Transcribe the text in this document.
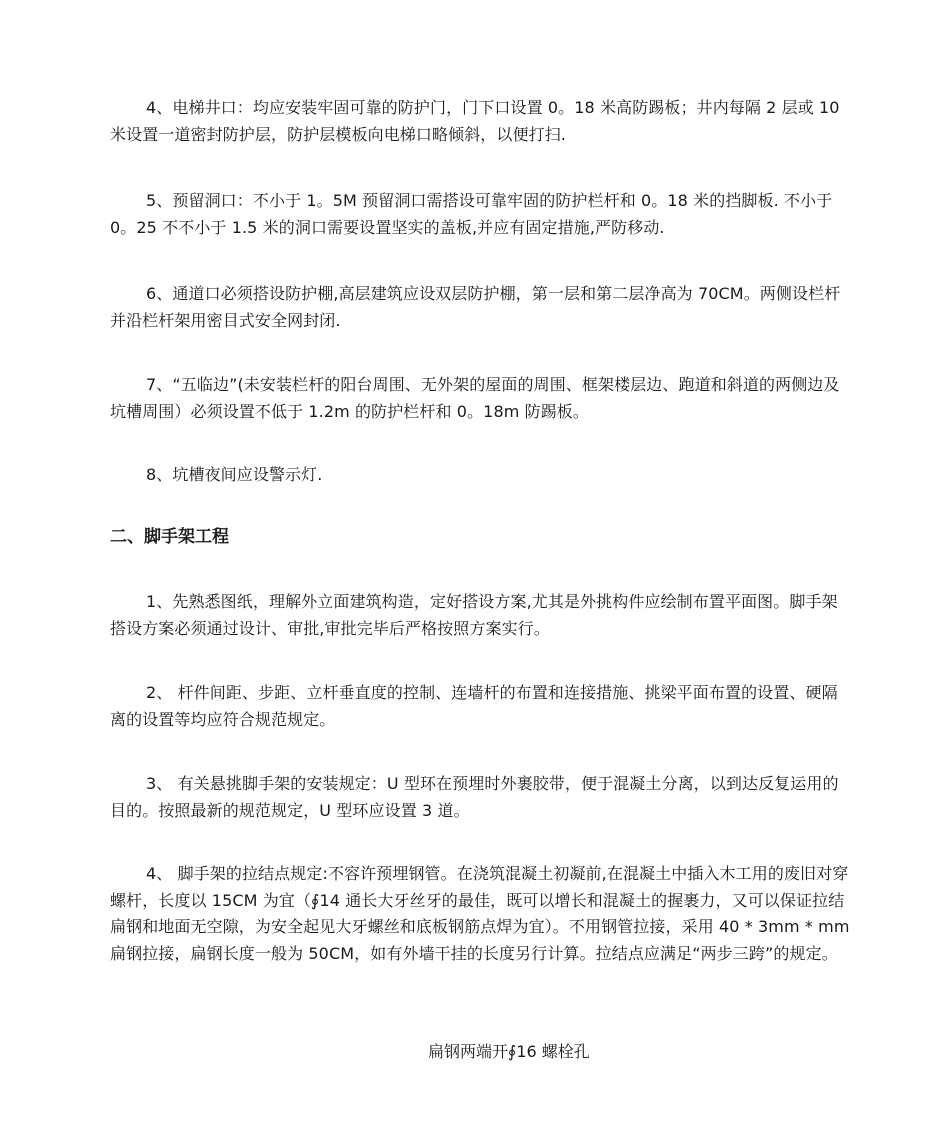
4、电梯井口：均应安装牢固可靠的防护门，门下口设置 0。18 米高防踢板；井内每隔 2 层或 10 米设置一道密封防护层，防护层模板向电梯口略倾斜，以便打扫.

5、预留洞口：不小于 1。5M 预留洞口需搭设可靠牢固的防护栏杆和 0。18 米的挡脚板. 不小于 0。25 不不小于 1.5 米的洞口需要设置坚实的盖板,并应有固定措施,严防移动.

6、通道口必须搭设防护棚,高层建筑应设双层防护棚，第一层和第二层净高为 70CM。两侧设栏杆并沿栏杆架用密目式安全网封闭.

7、“五临边”(未安装栏杆的阳台周围、无外架的屋面的周围、框架楼层边、跑道和斜道的两侧边及坑槽周围）必须设置不低于 1.2m 的防护栏杆和 0。18m 防踢板。

8、坑槽夜间应设警示灯.

二、脚手架工程

1、先熟悉图纸，理解外立面建筑构造，定好搭设方案,尤其是外挑构件应绘制布置平面图。脚手架搭设方案必须通过设计、审批,审批完毕后严格按照方案实行。

2、 杆件间距、步距、立杆垂直度的控制、连墙杆的布置和连接措施、挑梁平面布置的设置、硬隔离的设置等均应符合规范规定。

3、 有关悬挑脚手架的安装规定：U 型环在预埋时外裹胶带，便于混凝土分离，以到达反复运用的目的。按照最新的规范规定，U 型环应设置 3 道。

4、 脚手架的拉结点规定:不容许预埋钢管。在浇筑混凝土初凝前,在混凝土中插入木工用的废旧对穿螺杆，长度以 15CM 为宜（∮14 通长大牙丝牙的最佳，既可以增长和混凝土的握裹力，又可以保证拉结扁钢和地面无空隙，为安全起见大牙螺丝和底板钢筋点焊为宜）。不用钢管拉接，采用 40 * 3mm * mm 扁钢拉接，扁钢长度一般为 50CM，如有外墙干挂的长度另行计算。拉结点应满足“两步三跨”的规定。

扁钢两端开∮16 螺栓孔
